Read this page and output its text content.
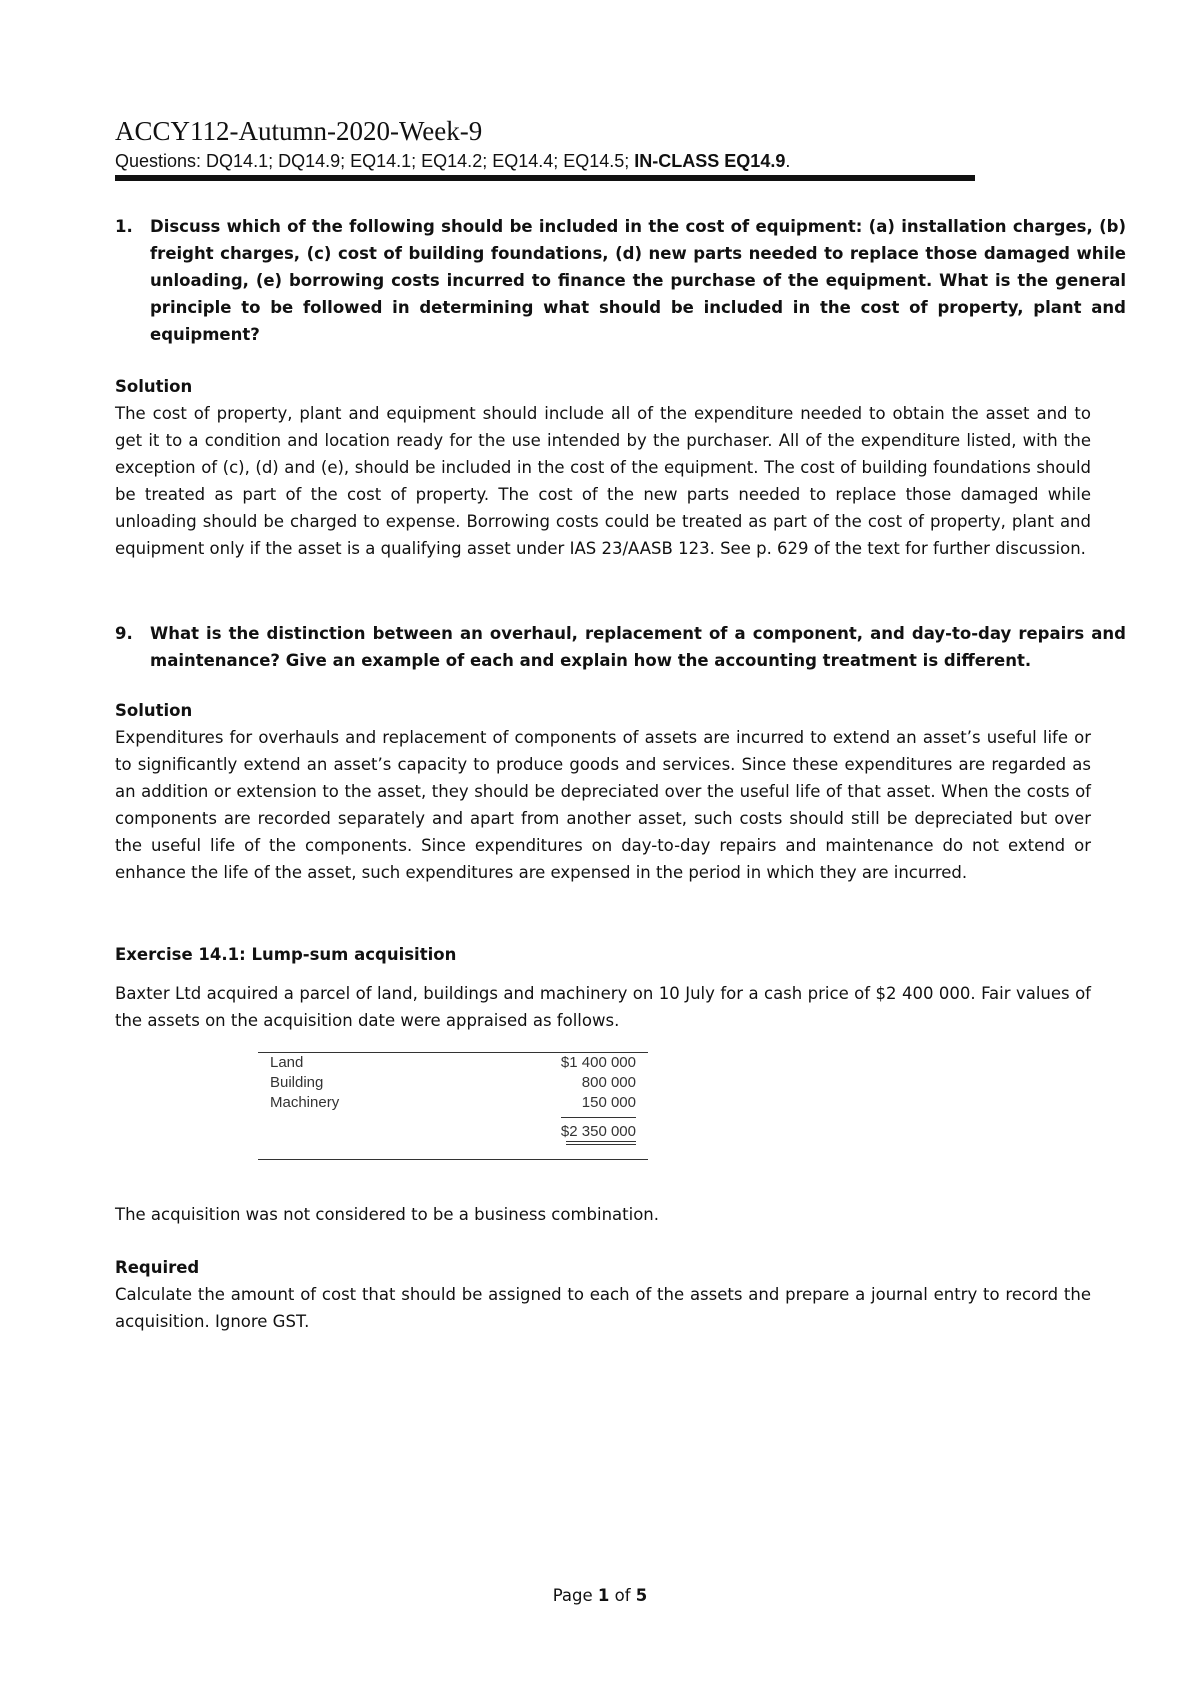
ACCY112-Autumn-2020-Week-9
Questions: DQ14.1; DQ14.9; EQ14.1; EQ14.2; EQ14.4; EQ14.5; IN-CLASS EQ14.9.
1. Discuss which of the following should be included in the cost of equipment: (a) installation charges, (b) freight charges, (c) cost of building foundations, (d) new parts needed to replace those damaged while unloading, (e) borrowing costs incurred to finance the purchase of the equipment. What is the general principle to be followed in determining what should be included in the cost of property, plant and equipment?
Solution
The cost of property, plant and equipment should include all of the expenditure needed to obtain the asset and to get it to a condition and location ready for the use intended by the purchaser. All of the expenditure listed, with the exception of (c), (d) and (e), should be included in the cost of the equipment. The cost of building foundations should be treated as part of the cost of property. The cost of the new parts needed to replace those damaged while unloading should be charged to expense. Borrowing costs could be treated as part of the cost of property, plant and equipment only if the asset is a qualifying asset under IAS 23/AASB 123. See p. 629 of the text for further discussion.
9. What is the distinction between an overhaul, replacement of a component, and day-to-day repairs and maintenance? Give an example of each and explain how the accounting treatment is different.
Solution
Expenditures for overhauls and replacement of components of assets are incurred to extend an asset’s useful life or to significantly extend an asset’s capacity to produce goods and services. Since these expenditures are regarded as an addition or extension to the asset, they should be depreciated over the useful life of that asset. When the costs of components are recorded separately and apart from another asset, such costs should still be depreciated but over the useful life of the components. Since expenditures on day-to-day repairs and maintenance do not extend or enhance the life of the asset, such expenditures are expensed in the period in which they are incurred.
Exercise 14.1: Lump-sum acquisition
Baxter Ltd acquired a parcel of land, buildings and machinery on 10 July for a cash price of $2 400 000. Fair values of the assets on the acquisition date were appraised as follows.
Land	$1 400 000
Building	800 000
Machinery	150 000
$2 350 000
The acquisition was not considered to be a business combination.
Required
Calculate the amount of cost that should be assigned to each of the assets and prepare a journal entry to record the acquisition. Ignore GST.
Page 1 of 5
